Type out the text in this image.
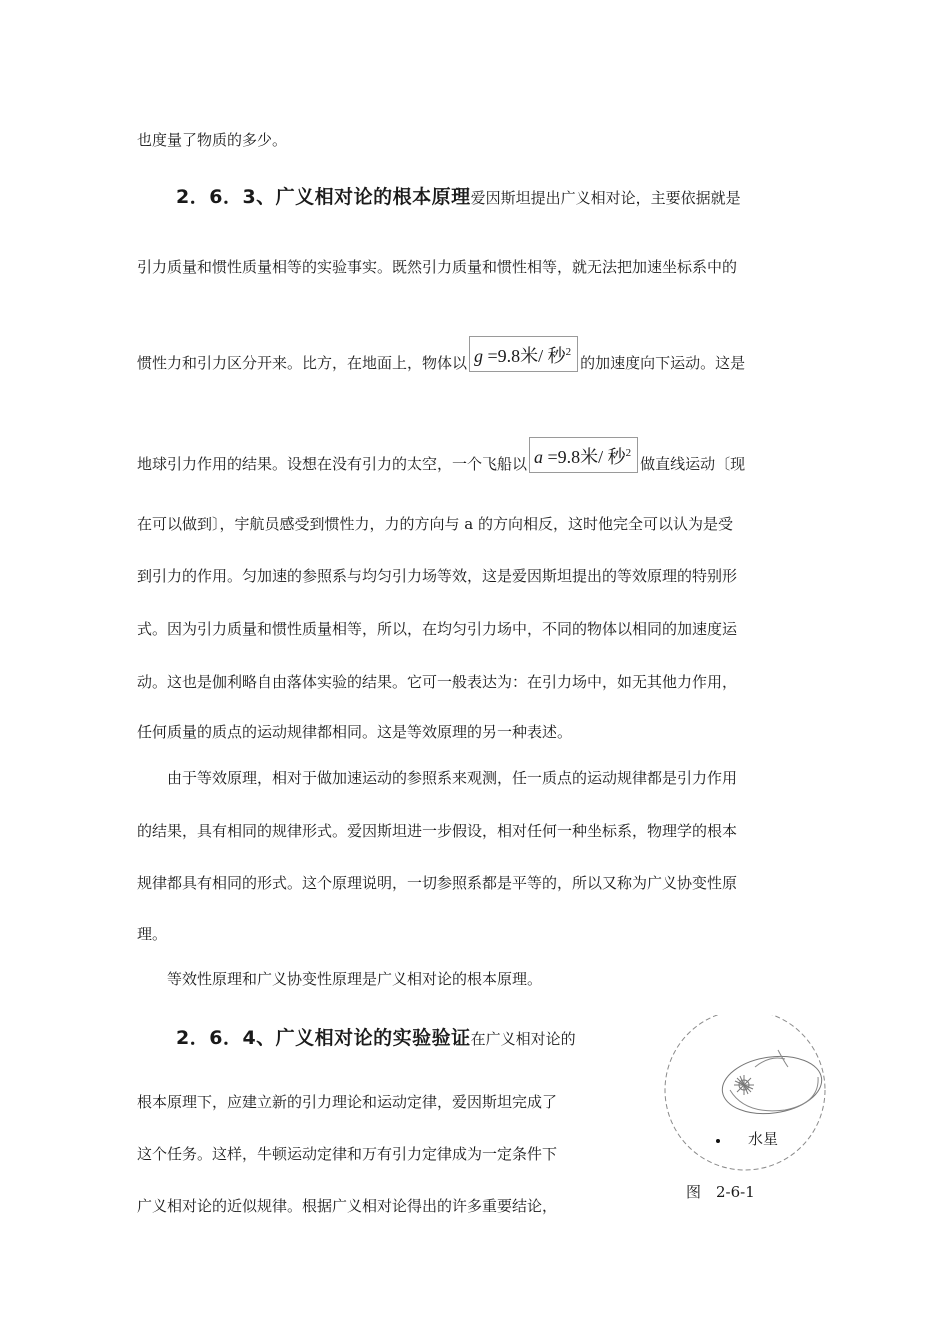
也度量了物质的多少。
2．6．3、广义相对论的根本原理爱因斯坦提出广义相对论，主要依据就是
引力质量和惯性质量相等的实验事实。既然引力质量和惯性相等，就无法把加速坐标系中的
惯性力和引力区分开来。比方，在地面上，物体以 g =9.8米/ 秒$^2$的加速度向下运动。这是
地球引力作用的结果。设想在没有引力的太空，一个飞船以 a =9.8米/ 秒$^2$做直线运动〔现
在可以做到〕，宇航员感受到惯性力，力的方向与 a 的方向相反，这时他完全可以认为是受
到引力的作用。匀加速的参照系与均匀引力场等效，这是爱因斯坦提出的等效原理的特别形
式。因为引力质量和惯性质量相等，所以，在均匀引力场中，不同的物体以相同的加速度运
动。这也是伽利略自由落体实验的结果。它可一般表达为：在引力场中，如无其他力作用，
任何质量的质点的运动规律都相同。这是等效原理的另一种表述。
由于等效原理，相对于做加速运动的参照系来观测，任一质点的运动规律都是引力作用
的结果，具有相同的规律形式。爱因斯坦进一步假设，相对任何一种坐标系，物理学的根本
规律都具有相同的形式。这个原理说明，一切参照系都是平等的，所以又称为广义协变性原
理。
等效性原理和广义协变性原理是广义相对论的根本原理。
2．6．4、广义相对论的实验验证在广义相对论的
根本原理下，应建立新的引力理论和运动定律，爱因斯坦完成了
这个任务。这样，牛顿运动定律和万有引力定律成为一定条件下
广义相对论的近似规律。根据广义相对论得出的许多重要结论，
水星
图　2-6-1
